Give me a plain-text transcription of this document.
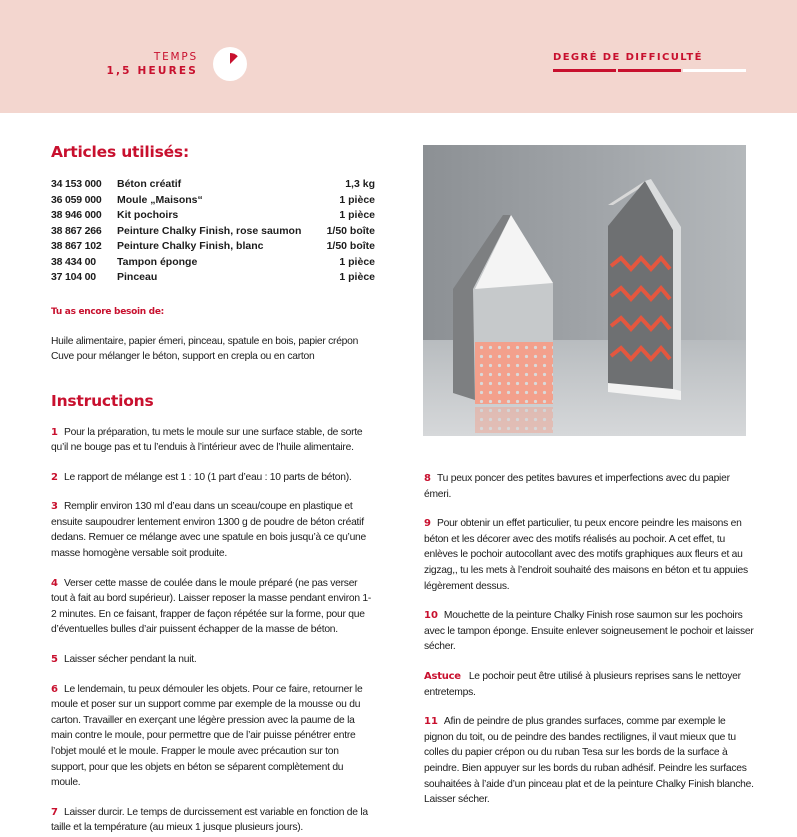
TEMPS
1,5 HEURES
DEGRÉ DE DIFFICULTÉ
Articles utilisés:
34 153 000	Béton créatif	1,3 kg
36 059 000	Moule „Maisons“	1 pièce
38 946 000	Kit pochoirs	1 pièce
38 867 266	Peinture Chalky Finish, rose saumon	1/50 boîte
38 867 102	Peinture Chalky Finish, blanc	1/50 boîte
38 434 00	Tampon éponge	1 pièce
37 104 00	Pinceau	1 pièce
Tu as encore besoin de:
Huile alimentaire, papier émeri, pinceau, spatule en bois, papier crépon
Cuve pour mélanger le béton, support en crepla ou en carton
Instructions

1 Pour la préparation, tu mets le moule sur une surface stable, de sorte qu’il ne bouge pas et tu l’enduis à l’intérieur avec de l’huile alimentaire.

2 Le rapport de mélange est 1 : 10 (1 part d’eau : 10 parts de béton).

3 Remplir environ 130 ml d’eau dans un sceau/coupe en plastique et ensuite saupoudrer lentement environ 1300 g de poudre de béton créatif dedans. Remuer ce mélange avec une spatule en bois jusqu’à ce qu’une masse homogène versable soit produite.

4 Verser cette masse de coulée dans le moule préparé (ne pas verser tout à fait au bord supérieur). Laisser reposer la masse pendant environ 1-2 minutes. En ce faisant, frapper de façon répétée sur la forme, pour que d’éventuelles bulles d’air puissent échapper de la masse de béton.

5 Laisser sécher pendant la nuit.

6 Le lendemain, tu peux démouler les objets. Pour ce faire, retourner le moule et poser sur un support comme par exemple de la mousse ou du carton. Travailler en exerçant une légère pression avec la paume de la main contre le moule, pour permettre que de l’air puisse pénétrer entre l’objet moulé et le moule. Frapper le moule avec précaution sur ton support, pour que les objets en béton se séparent complètement du moule.

7 Laisser durcir. Le temps de durcissement est variable en fonction de la taille et la température (au mieux 1 jusque plusieurs jours).

8 Tu peux poncer des petites bavures et imperfections avec du papier émeri.

9 Pour obtenir un effet particulier, tu peux encore peindre les maisons en béton et les décorer avec des motifs réalisés au pochoir. A cet effet, tu enlèves le pochoir autocollant avec des motifs graphiques aux fleurs et au zigzag,, tu les mets à l’endroit souhaité des maisons en béton et tu appuies légèrement dessus.

10 Mouchette de la peinture Chalky Finish rose saumon sur les pochoirs avec le tampon éponge. Ensuite enlever soigneusement le pochoir et laisser sécher.

Astuce Le pochoir peut être utilisé à plusieurs reprises sans le nettoyer entretemps.

11 Afin de peindre de plus grandes surfaces, comme par exemple le pignon du toit, ou de peindre des bandes rectilignes, il vaut mieux que tu colles du papier crépon ou du ruban Tesa sur les bords de la surface à peindre. Bien appuyer sur les bords du ruban adhésif. Peindre les surfaces souhaitées à l’aide d’un pinceau plat et de la peinture Chalky Finish blanche. Laisser sécher.
